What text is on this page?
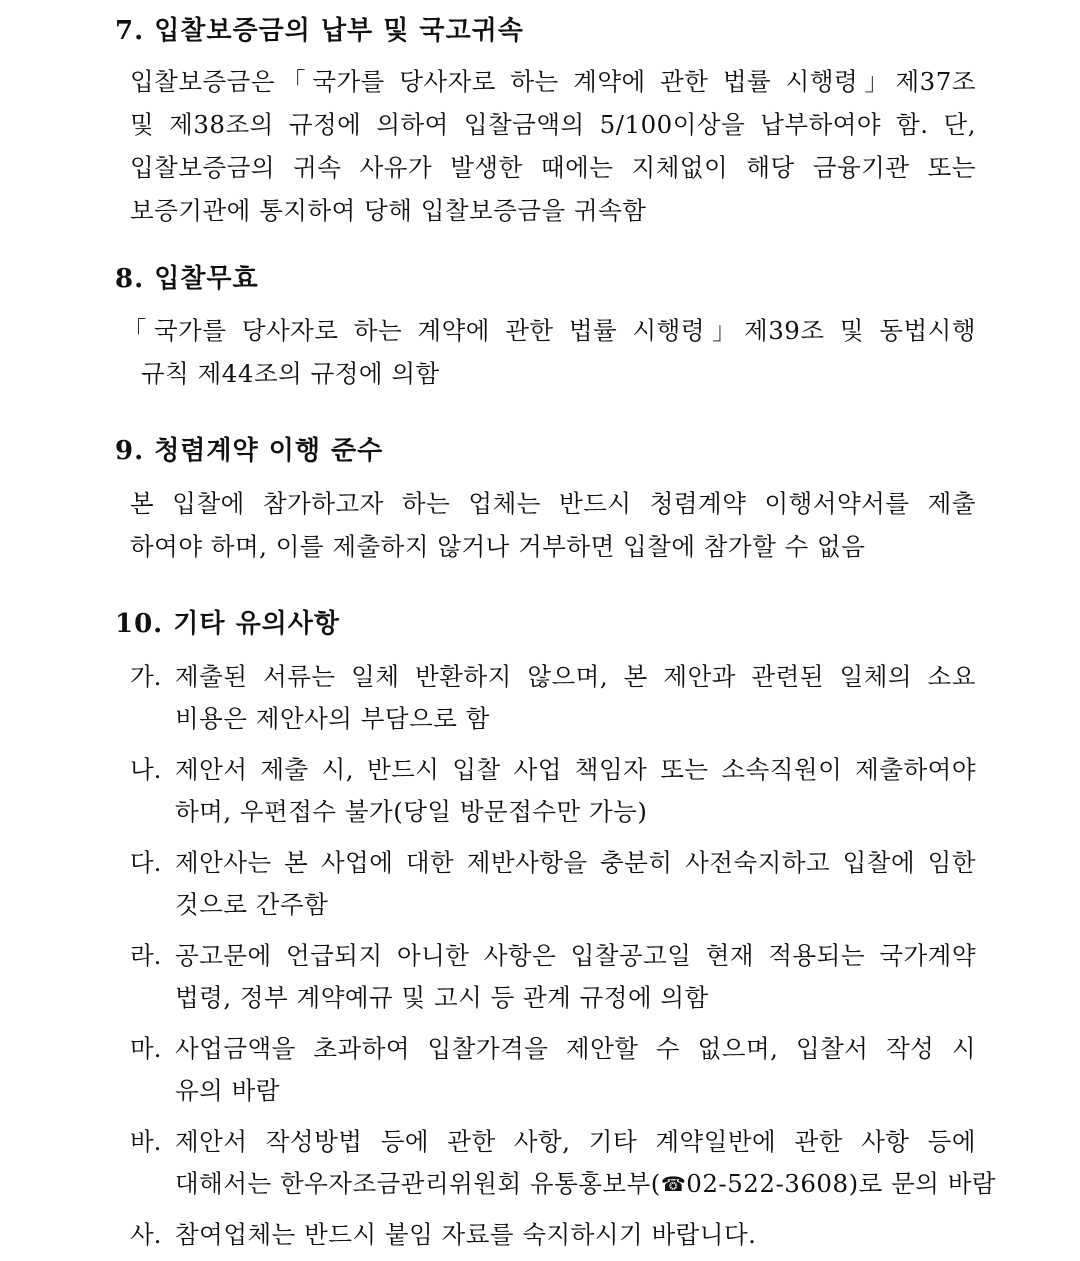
7. 입찰보증금의 납부 및 국고귀속
입찰보증금은「국가를 당사자로 하는 계약에 관한 법률 시행령」제37조
및 제38조의 규정에 의하여 입찰금액의 5/100이상을 납부하여야 함. 단,
입찰보증금의 귀속 사유가 발생한 때에는 지체없이 해당 금융기관 또는
보증기관에 통지하여 당해 입찰보증금을 귀속함
8. 입찰무효
「국가를 당사자로 하는 계약에 관한 법률 시행령」제39조 및 동법시행
규칙 제44조의 규정에 의함
9. 청렴계약 이행 준수
본 입찰에 참가하고자 하는 업체는 반드시 청렴계약 이행서약서를 제출
하여야 하며, 이를 제출하지 않거나 거부하면 입찰에 참가할 수 없음
10. 기타 유의사항
가. 제출된 서류는 일체 반환하지 않으며, 본 제안과 관련된 일체의 소요
비용은 제안사의 부담으로 함
나. 제안서 제출 시, 반드시 입찰 사업 책임자 또는 소속직원이 제출하여야
하며, 우편접수 불가(당일 방문접수만 가능)
다. 제안사는 본 사업에 대한 제반사항을 충분히 사전숙지하고 입찰에 임한
것으로 간주함
라. 공고문에 언급되지 아니한 사항은 입찰공고일 현재 적용되는 국가계약
법령, 정부 계약예규 및 고시 등 관계 규정에 의함
마. 사업금액을 초과하여 입찰가격을 제안할 수 없으며, 입찰서 작성 시
유의 바람
바. 제안서 작성방법 등에 관한 사항, 기타 계약일반에 관한 사항 등에
대해서는 한우자조금관리위원회 유통홍보부(☎02-522-3608)로 문의 바람
사. 참여업체는 반드시 붙임 자료를 숙지하시기 바랍니다.
